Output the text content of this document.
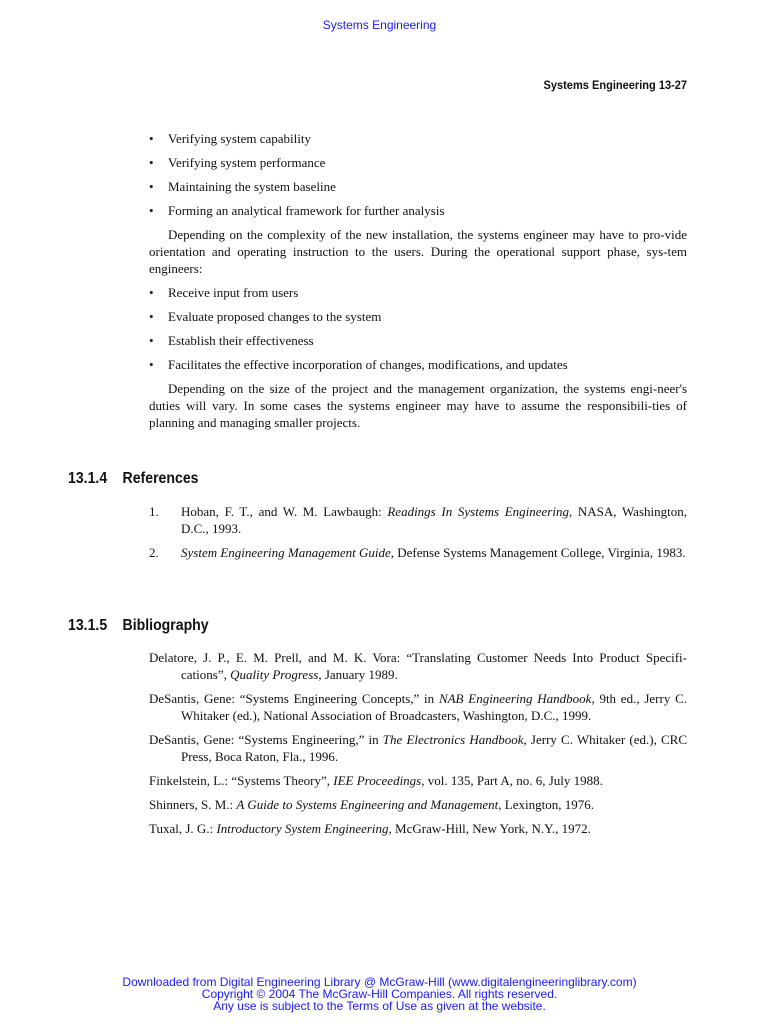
Systems Engineering
Systems Engineering 13-27
• Verifying system capability
• Verifying system performance
• Maintaining the system baseline
• Forming an analytical framework for further analysis

Depending on the complexity of the new installation, the systems engineer may have to pro-vide orientation and operating instruction to the users. During the operational support phase, sys-tem engineers:

• Receive input from users
• Evaluate proposed changes to the system
• Establish their effectiveness
• Facilitates the effective incorporation of changes, modifications, and updates

Depending on the size of the project and the management organization, the systems engi-neer's duties will vary. In some cases the systems engineer may have to assume the responsibili-ties of planning and managing smaller projects.

13.1.4 References
1. Hoban, F. T., and W. M. Lawbaugh: Readings In Systems Engineering, NASA, Washington, D.C., 1993.
2. System Engineering Management Guide, Defense Systems Management College, Virginia, 1983.
13.1.5 Bibliography
Delatore, J. P., E. M. Prell, and M. K. Vora: “Translating Customer Needs Into Product Specifi-cations”, Quality Progress, January 1989.
DeSantis, Gene: “Systems Engineering Concepts,” in NAB Engineering Handbook, 9th ed., Jerry C. Whitaker (ed.), National Association of Broadcasters, Washington, D.C., 1999.
DeSantis, Gene: “Systems Engineering,” in The Electronics Handbook, Jerry C. Whitaker (ed.), CRC Press, Boca Raton, Fla., 1996.
Finkelstein, L.: “Systems Theory”, IEE Proceedings, vol. 135, Part A, no. 6, July 1988.
Shinners, S. M.: A Guide to Systems Engineering and Management, Lexington, 1976.
Tuxal, J. G.: Introductory System Engineering, McGraw-Hill, New York, N.Y., 1972.
Downloaded from Digital Engineering Library @ McGraw-Hill (www.digitalengineeringlibrary.com)
Copyright © 2004 The McGraw-Hill Companies. All rights reserved.
Any use is subject to the Terms of Use as given at the website.
